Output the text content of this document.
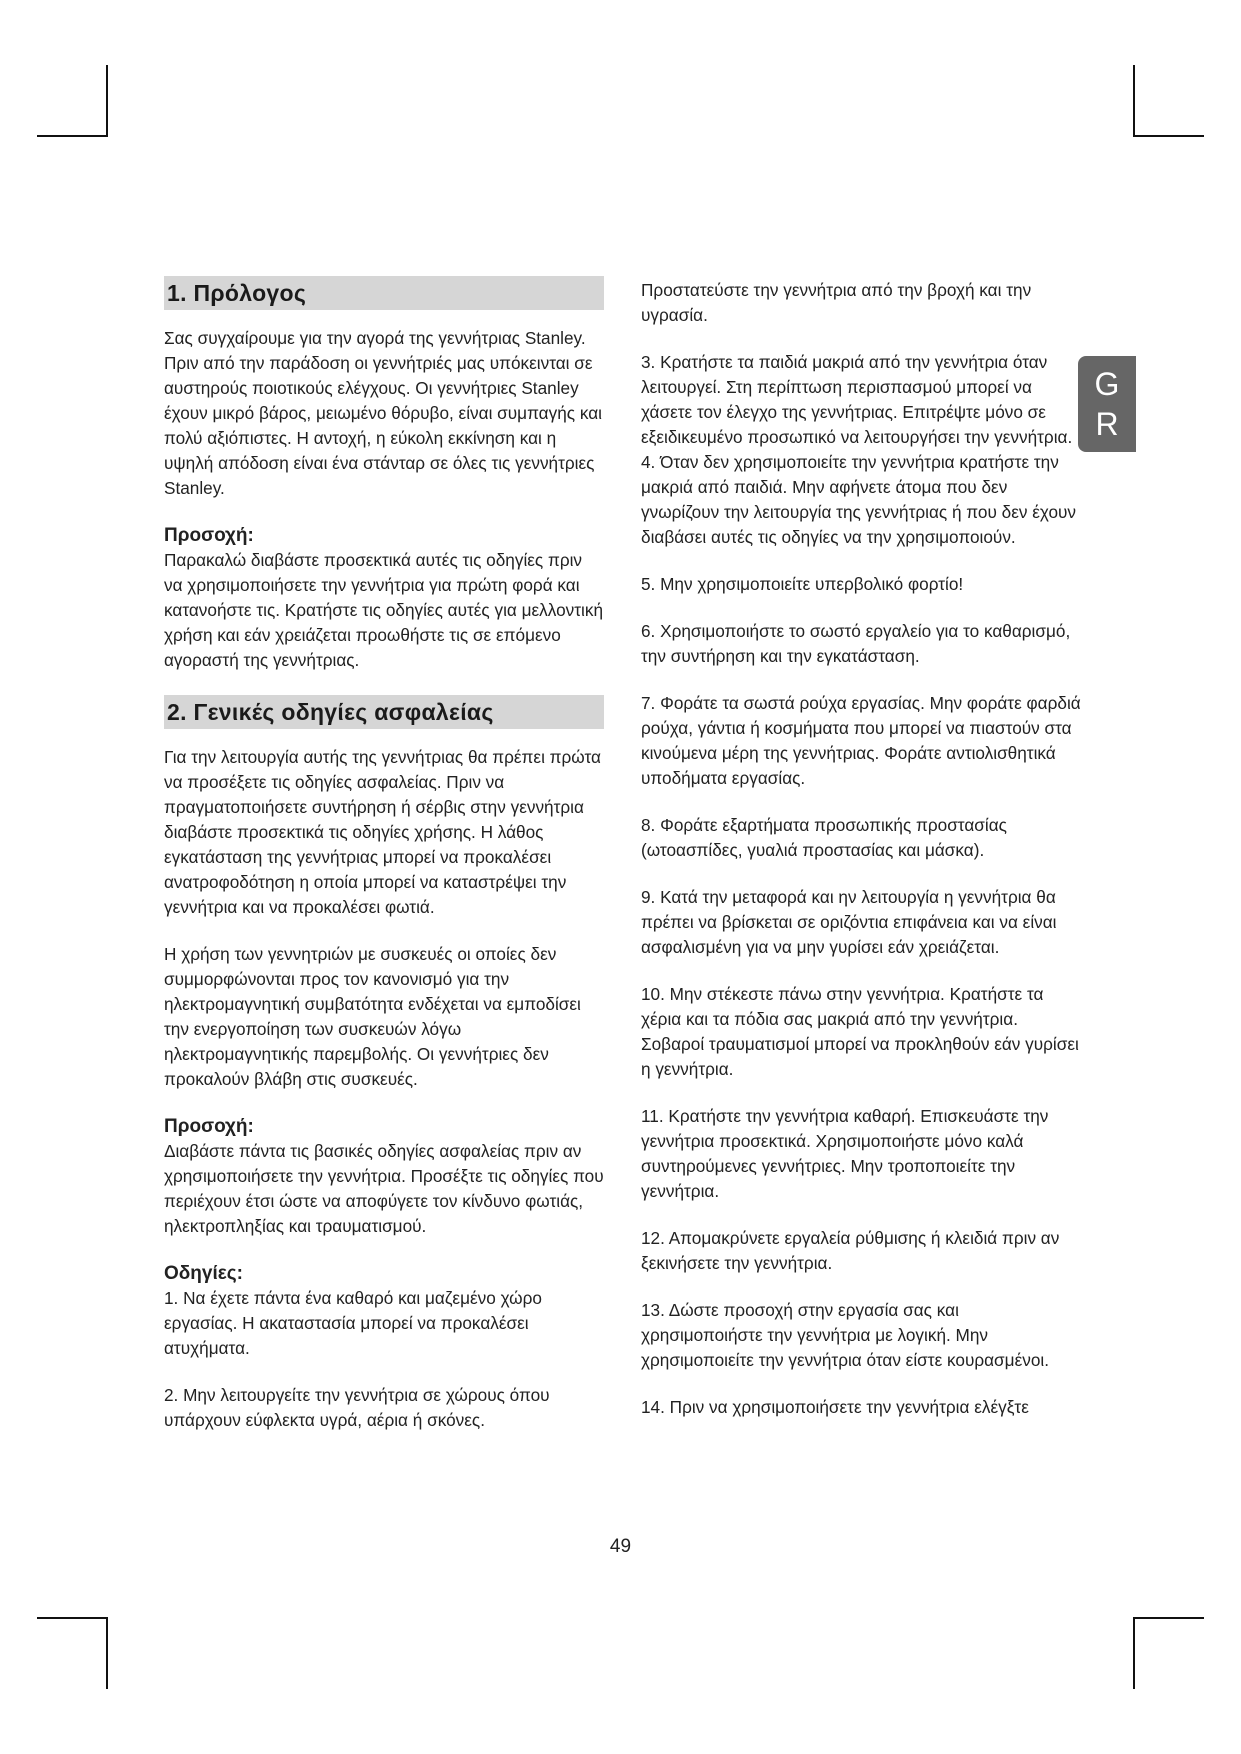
1. Πρόλογος

Σας συγχαίρουμε για την αγορά της γεννήτριας Stanley. Πριν από την παράδοση οι γεννήτριές μας υπόκεινται σε αυστηρούς ποιοτικούς ελέγχους. Οι γεννήτριες Stanley έχουν μικρό βάρος, μειωμένο θόρυβο, είναι συμπαγής και πολύ αξιόπιστες. Η αντοχή, η εύκολη εκκίνηση και η υψηλή απόδοση είναι ένα στάνταρ σε όλες τις γεννήτριες Stanley.

Προσοχή:

Παρακαλώ διαβάστε προσεκτικά αυτές τις οδηγίες πριν να χρησιμοποιήσετε την γεννήτρια για πρώτη φορά και κατανοήστε τις. Κρατήστε τις οδηγίες αυτές για μελλοντική χρήση και εάν χρειάζεται προωθήστε τις σε επόμενο αγοραστή της γεννήτριας.

2. Γενικές οδηγίες ασφαλείας

Για την λειτουργία αυτής της γεννήτριας θα πρέπει πρώτα να προσέξετε τις οδηγίες ασφαλείας. Πριν να πραγματοποιήσετε συντήρηση ή σέρβις στην γεννήτρια διαβάστε προσεκτικά τις οδηγίες χρήσης. Η λάθος εγκατάσταση της γεννήτριας μπορεί να προκαλέσει ανατροφοδότηση η οποία μπορεί να καταστρέψει την γεννήτρια και να προκαλέσει φωτιά.

Η χρήση των γεννητριών με συσκευές οι οποίες δεν συμμορφώνονται προς τον κανονισμό για την ηλεκτρομαγνητική συμβατότητα ενδέχεται να εμποδίσει την ενεργοποίηση των συσκευών λόγω ηλεκτρομαγνητικής παρεμβολής. Οι γεννήτριες δεν προκαλούν βλάβη στις συσκευές.

Προσοχή:

Διαβάστε πάντα τις βασικές οδηγίες ασφαλείας πριν αν χρησιμοποιήσετε την γεννήτρια. Προσέξτε τις οδηγίες που περιέχουν έτσι ώστε να αποφύγετε τον κίνδυνο φωτιάς, ηλεκτροπληξίας και τραυματισμού.

Οδηγίες:

1. Να έχετε πάντα ένα καθαρό και μαζεμένο χώρο εργασίας. Η ακαταστασία μπορεί να προκαλέσει ατυχήματα.

2. Μην λειτουργείτε την γεννήτρια σε χώρους όπου υπάρχουν εύφλεκτα υγρά, αέρια ή σκόνες.

Προστατεύστε την γεννήτρια από την βροχή και την υγρασία.

3. Κρατήστε τα παιδιά μακριά από την γεννήτρια όταν λειτουργεί. Στη περίπτωση περισπασμού μπορεί να χάσετε τον έλεγχο της γεννήτριας. Επιτρέψτε μόνο σε εξειδικευμένο προσωπικό να λειτουργήσει την γεννήτρια.

4. Όταν δεν χρησιμοποιείτε την γεννήτρια κρατήστε την μακριά από παιδιά. Μην αφήνετε άτομα που δεν γνωρίζουν την λειτουργία της γεννήτριας ή που δεν έχουν διαβάσει αυτές τις οδηγίες να την χρησιμοποιούν.

5. Μην χρησιμοποιείτε υπερβολικό φορτίο!

6. Χρησιμοποιήστε το σωστό εργαλείο για το καθαρισμό, την συντήρηση και την εγκατάσταση.

7. Φοράτε τα σωστά ρούχα εργασίας. Μην φοράτε φαρδιά ρούχα, γάντια ή κοσμήματα που μπορεί να πιαστούν στα κινούμενα μέρη της γεννήτριας. Φοράτε αντιολισθητικά υποδήματα εργασίας.

8. Φοράτε εξαρτήματα προσωπικής προστασίας (ωτοασπίδες, γυαλιά προστασίας και μάσκα).

9. Κατά την μεταφορά και ην λειτουργία η γεννήτρια θα πρέπει να βρίσκεται σε οριζόντια επιφάνεια και να είναι ασφαλισμένη για να μην γυρίσει εάν χρειάζεται.

10. Μην στέκεστε πάνω στην γεννήτρια. Κρατήστε τα χέρια και τα πόδια σας μακριά από την γεννήτρια. Σοβαροί τραυματισμοί μπορεί να προκληθούν εάν γυρίσει η γεννήτρια.

11. Κρατήστε την γεννήτρια καθαρή. Επισκευάστε την γεννήτρια προσεκτικά. Χρησιμοποιήστε μόνο καλά συντηρούμενες γεννήτριες. Μην τροποποιείτε την γεννήτρια.

12. Απομακρύνετε εργαλεία ρύθμισης ή κλειδιά πριν αν ξεκινήσετε την γεννήτρια.

13. Δώστε προσοχή στην εργασία σας και χρησιμοποιήστε την γεννήτρια με λογική. Μην χρησιμοποιείτε την γεννήτρια όταν είστε κουρασμένοι.

14. Πριν να χρησιμοποιήσετε την γεννήτρια ελέγξτε

G
R
49
